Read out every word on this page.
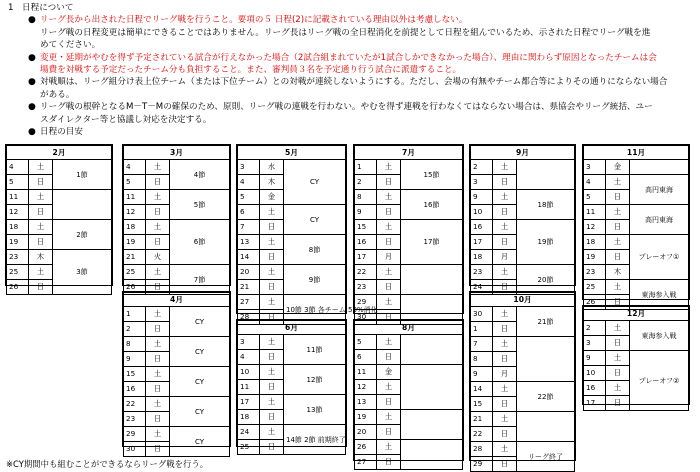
1　日程について
● リーグ長から出された日程でリーグ戦を行うこと。要項の５ 日程(2)に記載されている理由以外は考慮しない。
リーグ戦の日程変更は簡単にできることではありません。リーグ長はリーグ戦の全日程消化を前提として日程を組んでいるため、示された日程でリーグ戦を進
めてください。
● 変更・延期がやむを得ず予定されている試合が行えなかった場合（2試合組まれていたが1試合しかできなかった場合）、理由に関わらず原因となったチームは会
場費を対戦する予定だったチーム分も負担すること。また、審判員３名を予定通り行う試合に派遣すること。
● 対戦順は、リーグ組分け表上位チーム（または下位チーム）との対戦が連続しないようにする。ただし、会場の有無やチーム都合等によりその通りにならない場合
がある。
● リーグ戦の根幹となるM－T－Mの確保のため、原則、リーグ戦の連戦を行わない。やむを得ず連戦を行わなくてはならない場合は、県協会やリーグ統括、ユー
スダイレクター等と協議し対応を決定する。
● 日程の目安
2月		
4	土	1節
5	日	
11	土	
12	日	
18	土	2節
19	日	
23	木	3節
25	土	
26	日	
3月		
4	土	4節
5	日	
11	土	5節
12	日	
18	土	6節
19	日	
21	火	
25	土	7節
26	日	
4月		
1	土	CY
2	日	
8	土	CY
9	日	
15	土	CY
16	日	
22	土	CY
23	日	
29	土	CY
30	日	
5月		
3	水	CY
4	木	
5	金	
6	土	CY
7	日	
13	土	8節
14	日	
20	土	9節
21	日	
27	土	10節 3節 各チーム 50%消化
28	日	
6月		
3	土	11節
4	日	
10	土	12節
11	日	
17	土	13節
18	日	
24	土	14節 2節 前期終了
25	日	
7月		
1	土	15節
2	日	
8	土	16節
9	日	
15	土	17節
16	日	
17	月	
22	土	
23	日	
29	土	
30	日	
8月		
5	土	
6	日	
11	金	
12	土	
13	日	
19	土	
20	日	
26	土	
27	日	
9月		
2	土	
3	日	
9	土	18節
10	日	
16	土	19節
17	日	
18	月	
23	土	20節
24	日	
10月		
30	土	21節
1	日	
7	土	
8	日	
9	月	
14	土	22節
15	日	
21	土	
22	日	
28	土	リーグ終了
29	日	
11月		
3	金	
4	土	高円東海
5	日	
11	土	高円東海
12	日	
18	土	プレーオフ①
19	日	
23	木	
25	土	東海参入戦
26	日	
12月		
2	土	東海参入戦
3	日	
9	土	プレーオフ②
10	日	
16	土	
17	日	
※CY期間中も組むことができるならリーグ戦を行う。
